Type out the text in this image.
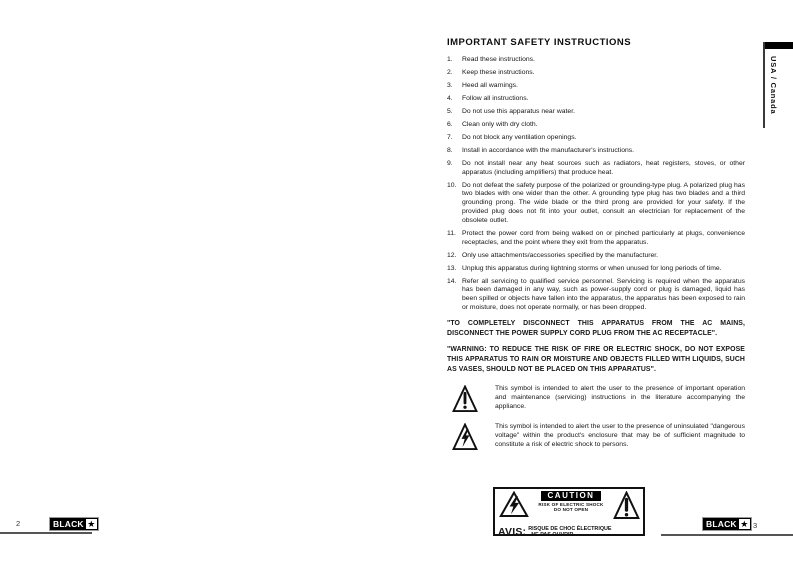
USA / Canada
IMPORTANT SAFETY INSTRUCTIONS
1.	Read these instructions.
2.	Keep these instructions.
3.	Heed all warnings.
4.	Follow all instructions.
5.	Do not use this apparatus near water.
6.	Clean only with dry cloth.
7.	Do not block any ventilation openings.
8.	Install in accordance with the manufacturer's instructions.
9.	Do not install near any heat sources such as radiators, heat registers, stoves, or other apparatus (including amplifiers) that produce heat.
10. Do not defeat the safety purpose of the polarized or grounding-type plug. A polarized plug has two blades with one wider than the other. A grounding type plug has two blades and a third grounding prong. The wide blade or the third prong are provided for your safety. If the provided plug does not fit into your outlet, consult an electrician for replacement of the obsolete outlet.
11. Protect the power cord from being walked on or pinched particularly at plugs, convenience receptacles, and the point where they exit from the apparatus.
12. Only use attachments/accessories specified by the manufacturer.
13. Unplug this apparatus during lightning storms or when unused for long periods of time.
14. Refer all servicing to qualified service personnel. Servicing is required when the apparatus has been damaged in any way, such as power-supply cord or plug is damaged, liquid has been spilled or objects have fallen into the apparatus, the apparatus has been exposed to rain or moisture, does not operate normally, or has been dropped.

"TO COMPLETELY DISCONNECT THIS APPARATUS FROM THE AC MAINS, DISCONNECT THE POWER SUPPLY CORD PLUG FROM THE AC RECEPTACLE".

"WARNING: TO REDUCE THE RISK OF FIRE OR ELECTRIC SHOCK, DO NOT EXPOSE THIS APPARATUS TO RAIN OR MOISTURE AND OBJECTS FILLED WITH LIQUIDS, SUCH AS VASES, SHOULD NOT BE PLACED ON THIS APPARATUS".

This symbol is intended to alert the user to the presence of important operation and maintenance (servicing) instructions in the literature accompanying the appliance.

This symbol is intended to alert the user to the presence of uninsulated "dangerous voltage" within the product's enclosure that may be of sufficient magnitude to constitute a risk of electric shock to persons.

CAUTION
RISK OF ELECTRIC SHOCK
DO NOT OPEN
AVIS: RISQUE DE CHOC ÉLECTRIQUE
–NE PAS OUVRIR.
2	BLACK ★	BLACK ★ 3
